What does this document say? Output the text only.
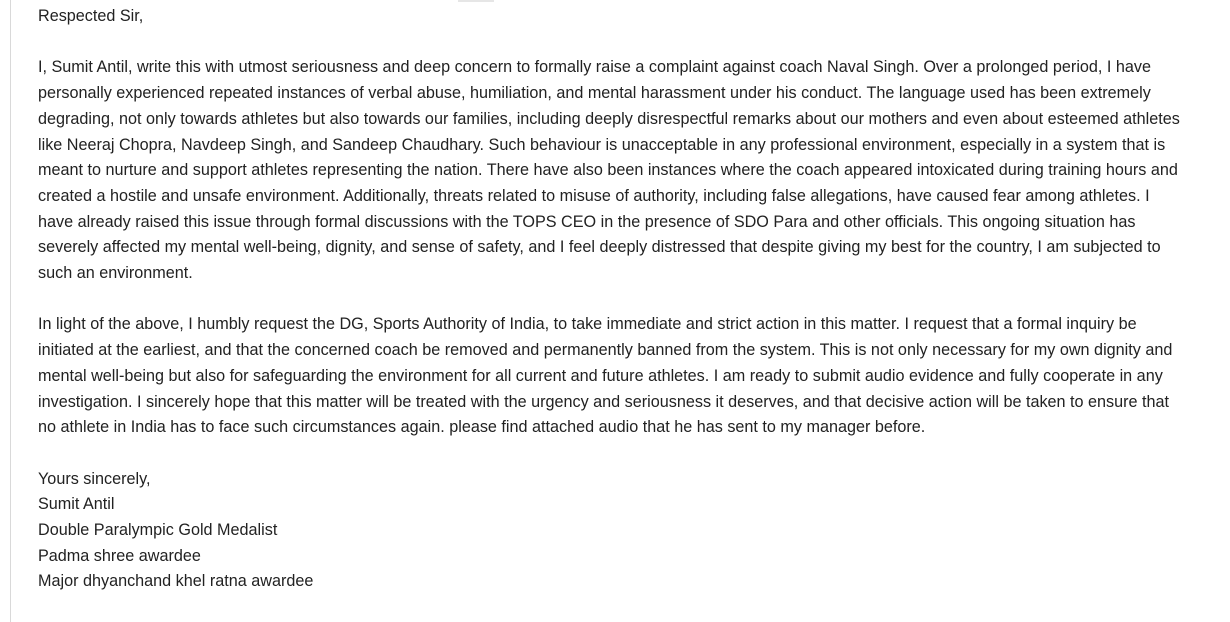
Respected Sir,

I, Sumit Antil, write this with utmost seriousness and deep concern to formally raise a complaint against coach Naval Singh. Over a prolonged period, I have personally experienced repeated instances of verbal abuse, humiliation, and mental harassment under his conduct. The language used has been extremely degrading, not only towards athletes but also towards our families, including deeply disrespectful remarks about our mothers and even about esteemed athletes like Neeraj Chopra, Navdeep Singh, and Sandeep Chaudhary. Such behaviour is unacceptable in any professional environment, especially in a system that is meant to nurture and support athletes representing the nation. There have also been instances where the coach appeared intoxicated during training hours and created a hostile and unsafe environment. Additionally, threats related to misuse of authority, including false allegations, have caused fear among athletes. I have already raised this issue through formal discussions with the TOPS CEO in the presence of SDO Para and other officials. This ongoing situation has severely affected my mental well-being, dignity, and sense of safety, and I feel deeply distressed that despite giving my best for the country, I am subjected to such an environment.

In light of the above, I humbly request the DG, Sports Authority of India, to take immediate and strict action in this matter. I request that a formal inquiry be initiated at the earliest, and that the concerned coach be removed and permanently banned from the system. This is not only necessary for my own dignity and mental well-being but also for safeguarding the environment for all current and future athletes. I am ready to submit audio evidence and fully cooperate in any investigation. I sincerely hope that this matter will be treated with the urgency and seriousness it deserves, and that decisive action will be taken to ensure that no athlete in India has to face such circumstances again. please find attached audio that he has sent to my manager before.

Yours sincerely,
Sumit Antil
Double Paralympic Gold Medalist
Padma shree awardee
Major dhyanchand khel ratna awardee
